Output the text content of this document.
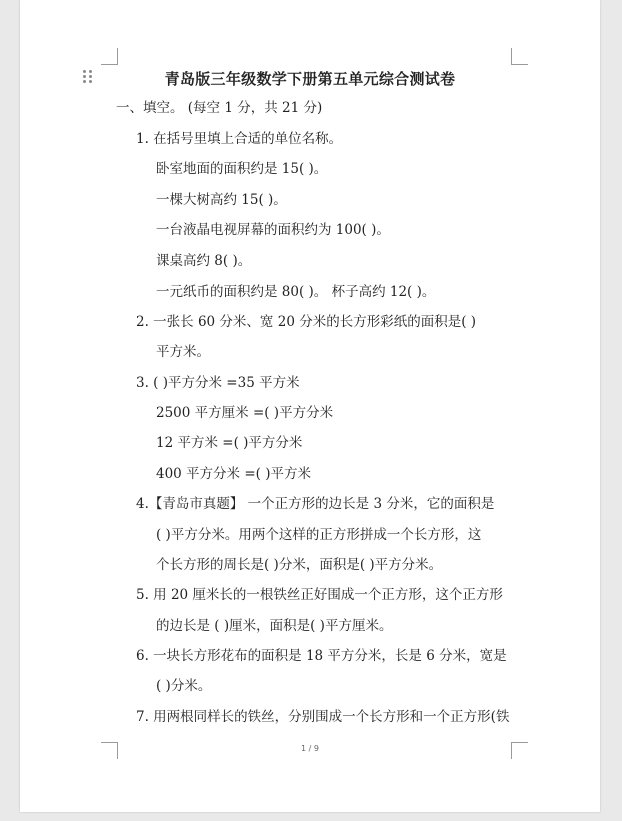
青岛版三年级数学下册第五单元综合测试卷
一、填空。 (每空 1 分，共 21 分)
1. 在括号里填上合适的单位名称。
卧室地面的面积约是 15( )。
一棵大树高约 15( )。
一台液晶电视屏幕的面积约为 100( )。
课桌高约 8( )。
一元纸币的面积约是 80( )。 杯子高约 12( )。
2. 一张长 60 分米、宽 20 分米的长方形彩纸的面积是( )
平方米。
3. ( )平方分米 =35 平方米
2500 平方厘米 =( )平方分米
12 平方米 =( )平方分米
400 平方分米 =( )平方米
4.【青岛市真题】 一个正方形的边长是 3 分米，它的面积是
( )平方分米。用两个这样的正方形拼成一个长方形，这
个长方形的周长是( )分米，面积是( )平方分米。
5. 用 20 厘米长的一根铁丝正好围成一个正方形，这个正方形
的边长是 ( )厘米，面积是( )平方厘米。
6. 一块长方形花布的面积是 18 平方分米，长是 6 分米，宽是
( )分米。
7. 用两根同样长的铁丝，分别围成一个长方形和一个正方形(铁
1 / 9
